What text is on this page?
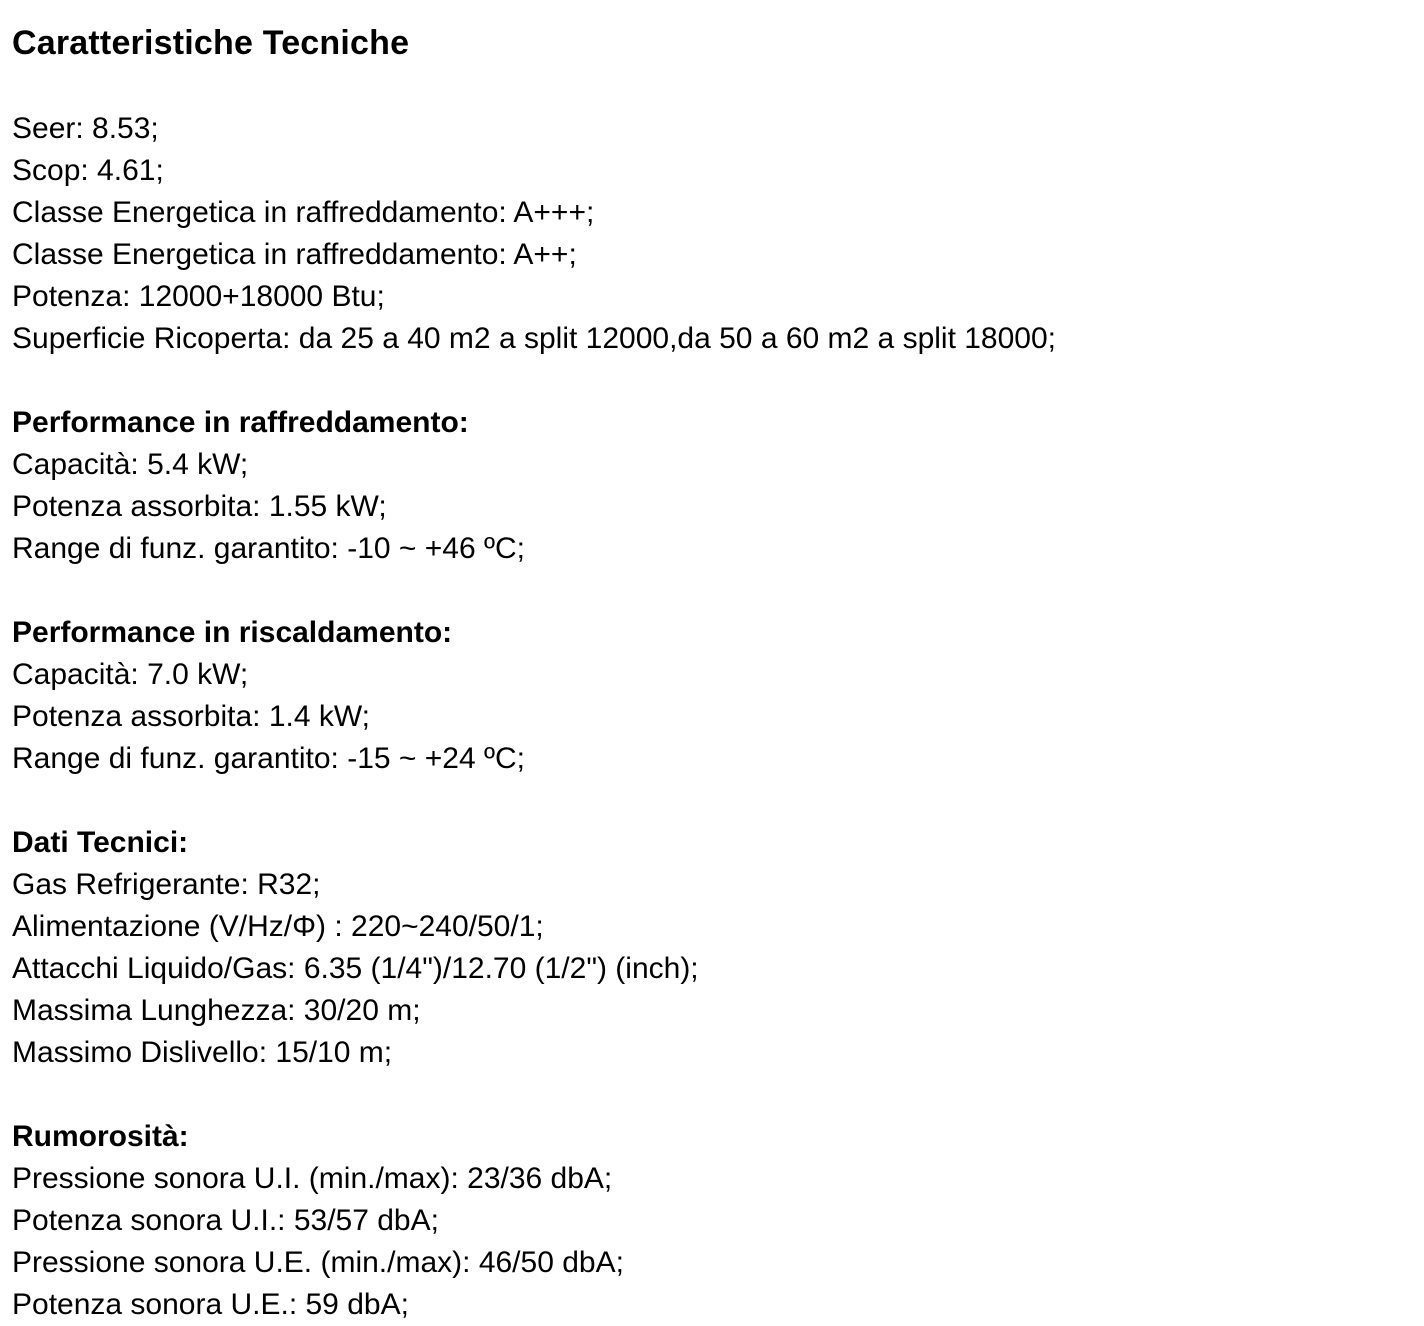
Caratteristiche Tecniche
Seer: 8.53;
Scop: 4.61;
Classe Energetica in raffreddamento: A+++;
Classe Energetica in raffreddamento: A++;
Potenza: 12000+18000 Btu;
Superficie Ricoperta: da 25 a 40 m2 a split 12000,da 50 a 60 m2 a split 18000;
Performance in raffreddamento:
Capacità: 5.4 kW;
Potenza assorbita: 1.55 kW;
Range di funz. garantito: -10 ~ +46 ºC;
Performance in riscaldamento:
Capacità: 7.0 kW;
Potenza assorbita: 1.4 kW;
Range di funz. garantito: -15 ~ +24 ºC;
Dati Tecnici:
Gas Refrigerante: R32;
Alimentazione (V/Hz/Φ) : 220~240/50/1;
Attacchi Liquido/Gas: 6.35 (1/4")/12.70 (1/2") (inch);
Massima Lunghezza: 30/20 m;
Massimo Dislivello: 15/10 m;
Rumorosità:
Pressione sonora U.I. (min./max): 23/36 dbA;
Potenza sonora U.I.: 53/57 dbA;
Pressione sonora U.E. (min./max): 46/50 dbA;
Potenza sonora U.E.: 59 dbA;
